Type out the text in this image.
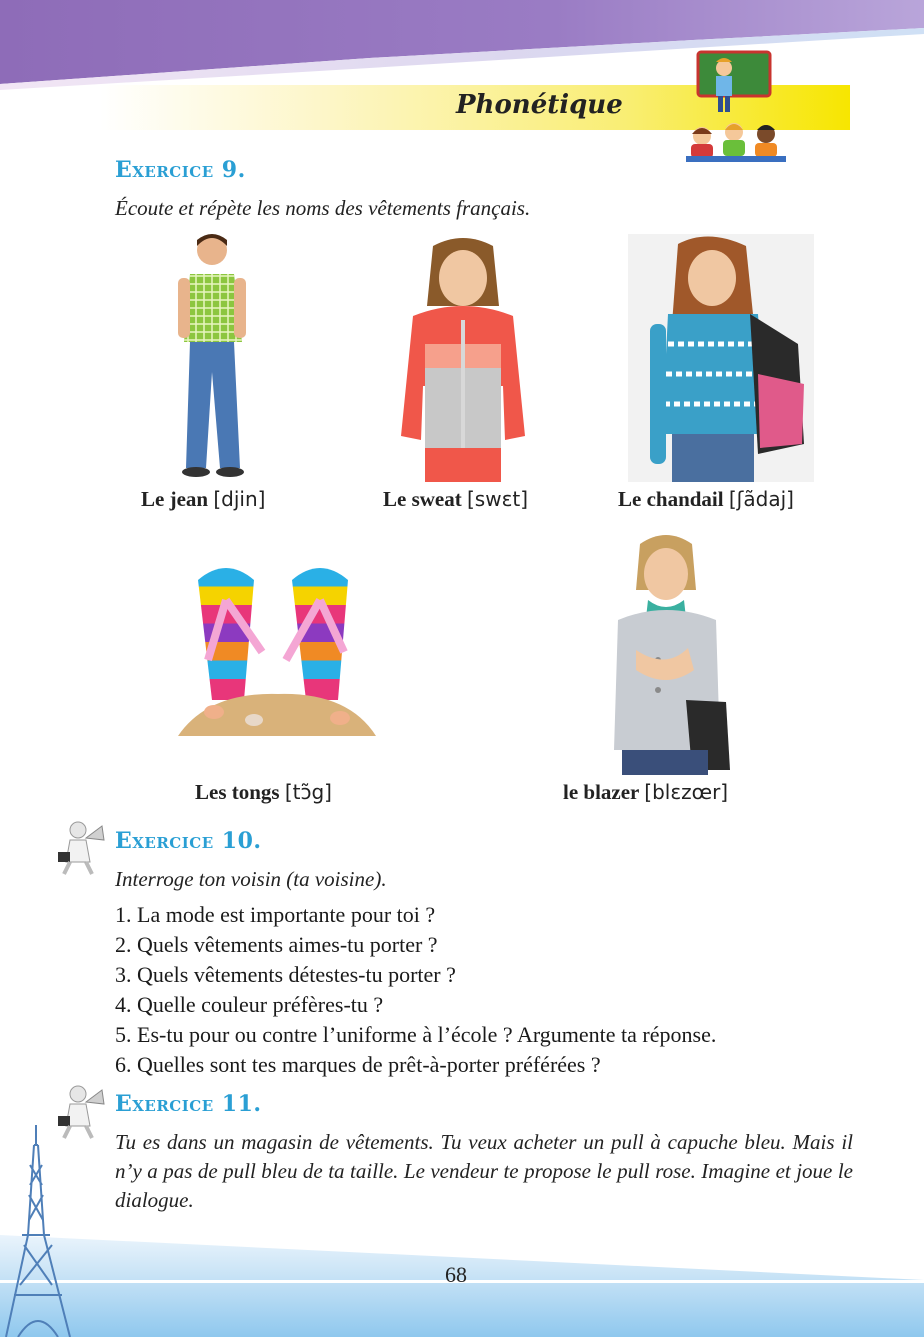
Phonétique
Exercice 9.
Écoute et répète les noms des vêtements français.
Le jean [djin]	Le sweat [swɛt]	Le chandail [ʃãdaj]
Les tongs [tɔ̃g]	le blazer [blɛzœr]
Exercice 10.
Interroge ton voisin (ta voisine).
1. La mode est importante pour toi ?
2. Quels vêtements aimes-tu porter ?
3. Quels vêtements détestes-tu porter ?
4. Quelle couleur préfères-tu ?
5. Es-tu pour ou contre l’uniforme à l’école ? Argumente ta réponse.
6. Quelles sont tes marques de prêt-à-porter préférées ?
Exercice 11.
Tu es dans un magasin de vêtements. Tu veux acheter un pull à capuche bleu. Mais il n’y a pas de pull bleu de ta taille. Le vendeur te propose le pull rose. Imagine et joue le dialogue.
68
